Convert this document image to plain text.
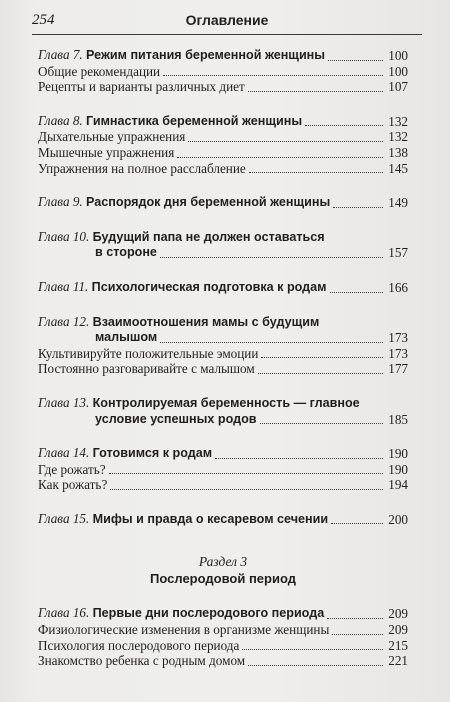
254	Оглавление
Глава 7. Режим питания беременной женщины	100
Общие рекомендации	100
Рецепты и варианты различных диет	107
Глава 8. Гимнастика беременной женщины	132
Дыхательные упражнения	132
Мышечные упражнения	138
Упражнения на полное расслабление	145
Глава 9. Распорядок дня беременной женщины	149
Глава 10. Будущий папа не должен оставаться
в стороне	157
Глава 11. Психологическая подготовка к родам	166
Глава 12. Взаимоотношения мамы с будущим
малышом	173
Культивируйте положительные эмоции	173
Постоянно разговаривайте с малышом	177
Глава 13. Контролируемая беременность — главное
условие успешных родов	185
Глава 14. Готовимся к родам	190
Где рожать?	190
Как рожать?	194
Глава 15. Мифы и правда о кесаревом сечении	200
Раздел 3
Послеродовой период
Глава 16. Первые дни послеродового периода	209
Физиологические изменения в организме женщины	209
Психология послеродового периода	215
Знакомство ребенка с родным домом	221
